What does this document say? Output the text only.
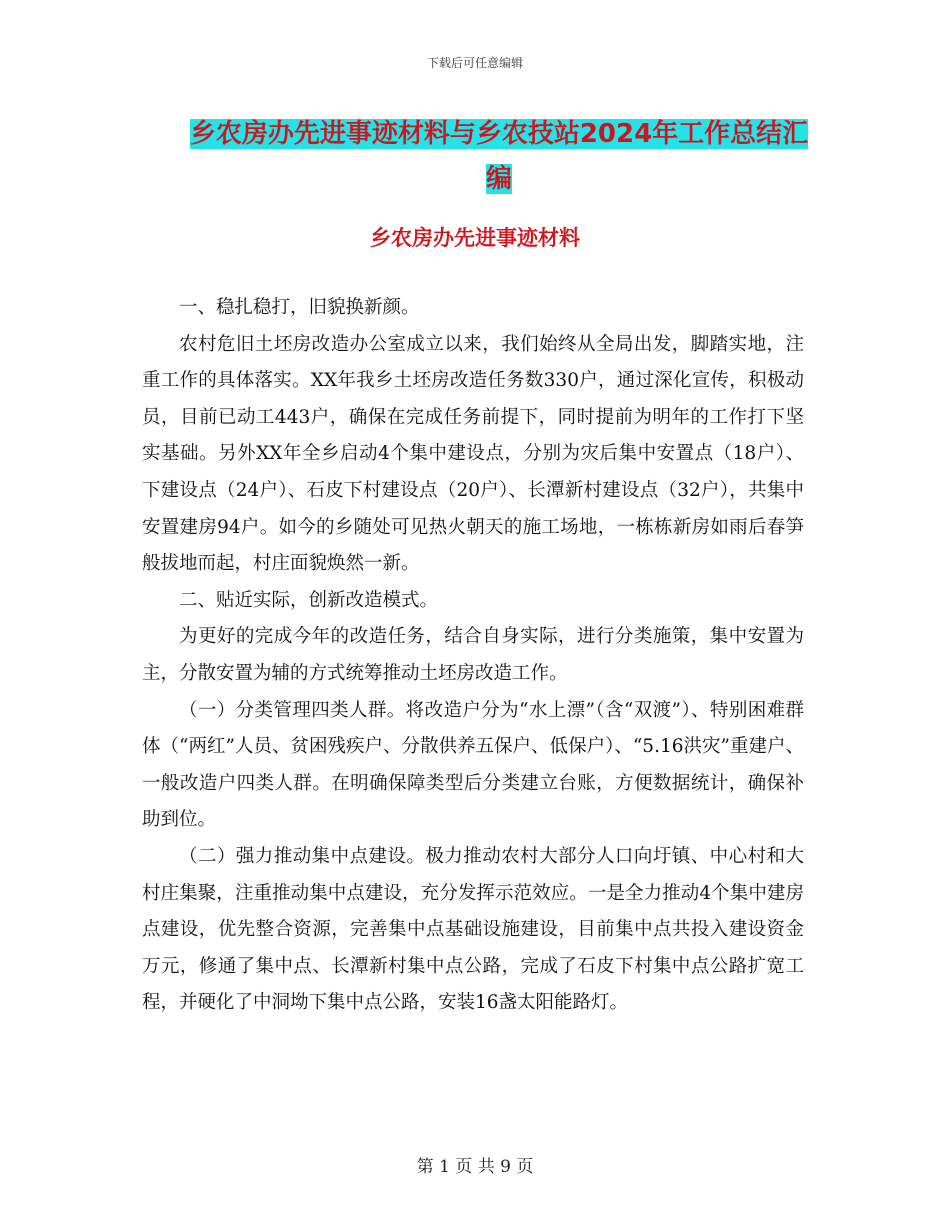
下载后可任意编辑
乡农房办先进事迹材料与乡农技站2024年工作总结汇编
乡农房办先进事迹材料

一、稳扎稳打，旧貌换新颜。

农村危旧土坯房改造办公室成立以来，我们始终从全局出发，脚踏实地，注重工作的具体落实。XX年我乡土坯房改造任务数330户，通过深化宣传，积极动员，目前已动工443户，确保在完成任务前提下，同时提前为明年的工作打下坚实基础。另外XX年全乡启动4个集中建设点，分别为灾后集中安置点（18户）、下建设点（24户）、石皮下村建设点（20户）、长潭新村建设点（32户），共集中安置建房94户。如今的乡随处可见热火朝天的施工场地，一栋栋新房如雨后春笋般拔地而起，村庄面貌焕然一新。

二、贴近实际，创新改造模式。

为更好的完成今年的改造任务，结合自身实际，进行分类施策，集中安置为主，分散安置为辅的方式统筹推动土坯房改造工作。

（一）分类管理四类人群。将改造户分为“水上漂”（含“双渡”）、特别困难群体（“两红”人员、贫困残疾户、分散供养五保户、低保户）、“5.16洪灾”重建户、一般改造户四类人群。在明确保障类型后分类建立台账，方便数据统计，确保补助到位。

（二）强力推动集中点建设。极力推动农村大部分人口向圩镇、中心村和大村庄集聚，注重推动集中点建设，充分发挥示范效应。一是全力推动4个集中建房点建设，优先整合资源，完善集中点基础设施建设，目前集中点共投入建设资金万元，修通了集中点、长潭新村集中点公路，完成了石皮下村集中点公路扩宽工程，并硬化了中洞坳下集中点公路，安装16盏太阳能路灯。

第 1 页 共 9 页
